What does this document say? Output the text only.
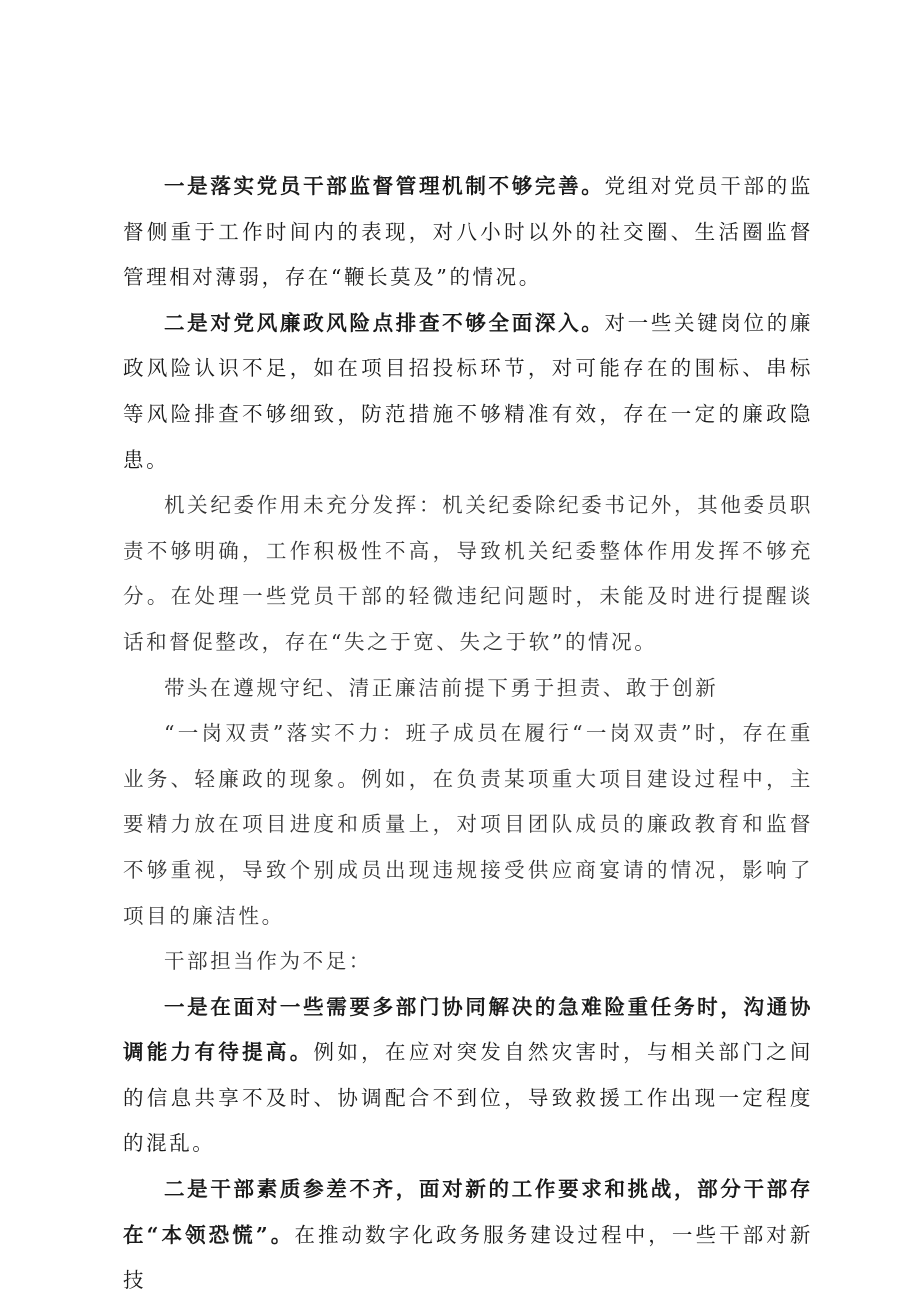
一是落实党员干部监督管理机制不够完善。党组对党员干部的监督侧重于工作时间内的表现，对八小时以外的社交圈、生活圈监督管理相对薄弱，存在“鞭长莫及”的情况。

二是对党风廉政风险点排查不够全面深入。对一些关键岗位的廉政风险认识不足，如在项目招投标环节，对可能存在的围标、串标等风险排查不够细致，防范措施不够精准有效，存在一定的廉政隐患。

机关纪委作用未充分发挥：机关纪委除纪委书记外，其他委员职责不够明确，工作积极性不高，导致机关纪委整体作用发挥不够充分。在处理一些党员干部的轻微违纪问题时，未能及时进行提醒谈话和督促整改，存在“失之于宽、失之于软”的情况。

带头在遵规守纪、清正廉洁前提下勇于担责、敢于创新

“一岗双责”落实不力：班子成员在履行“一岗双责”时，存在重业务、轻廉政的现象。例如，在负责某项重大项目建设过程中，主要精力放在项目进度和质量上，对项目团队成员的廉政教育和监督不够重视，导致个别成员出现违规接受供应商宴请的情况，影响了项目的廉洁性。

干部担当作为不足：

一是在面对一些需要多部门协同解决的急难险重任务时，沟通协调能力有待提高。例如，在应对突发自然灾害时，与相关部门之间的信息共享不及时、协调配合不到位，导致救援工作出现一定程度的混乱。

二是干部素质参差不齐，面对新的工作要求和挑战，部分干部存在“本领恐慌”。在推动数字化政务服务建设过程中，一些干部对新技
